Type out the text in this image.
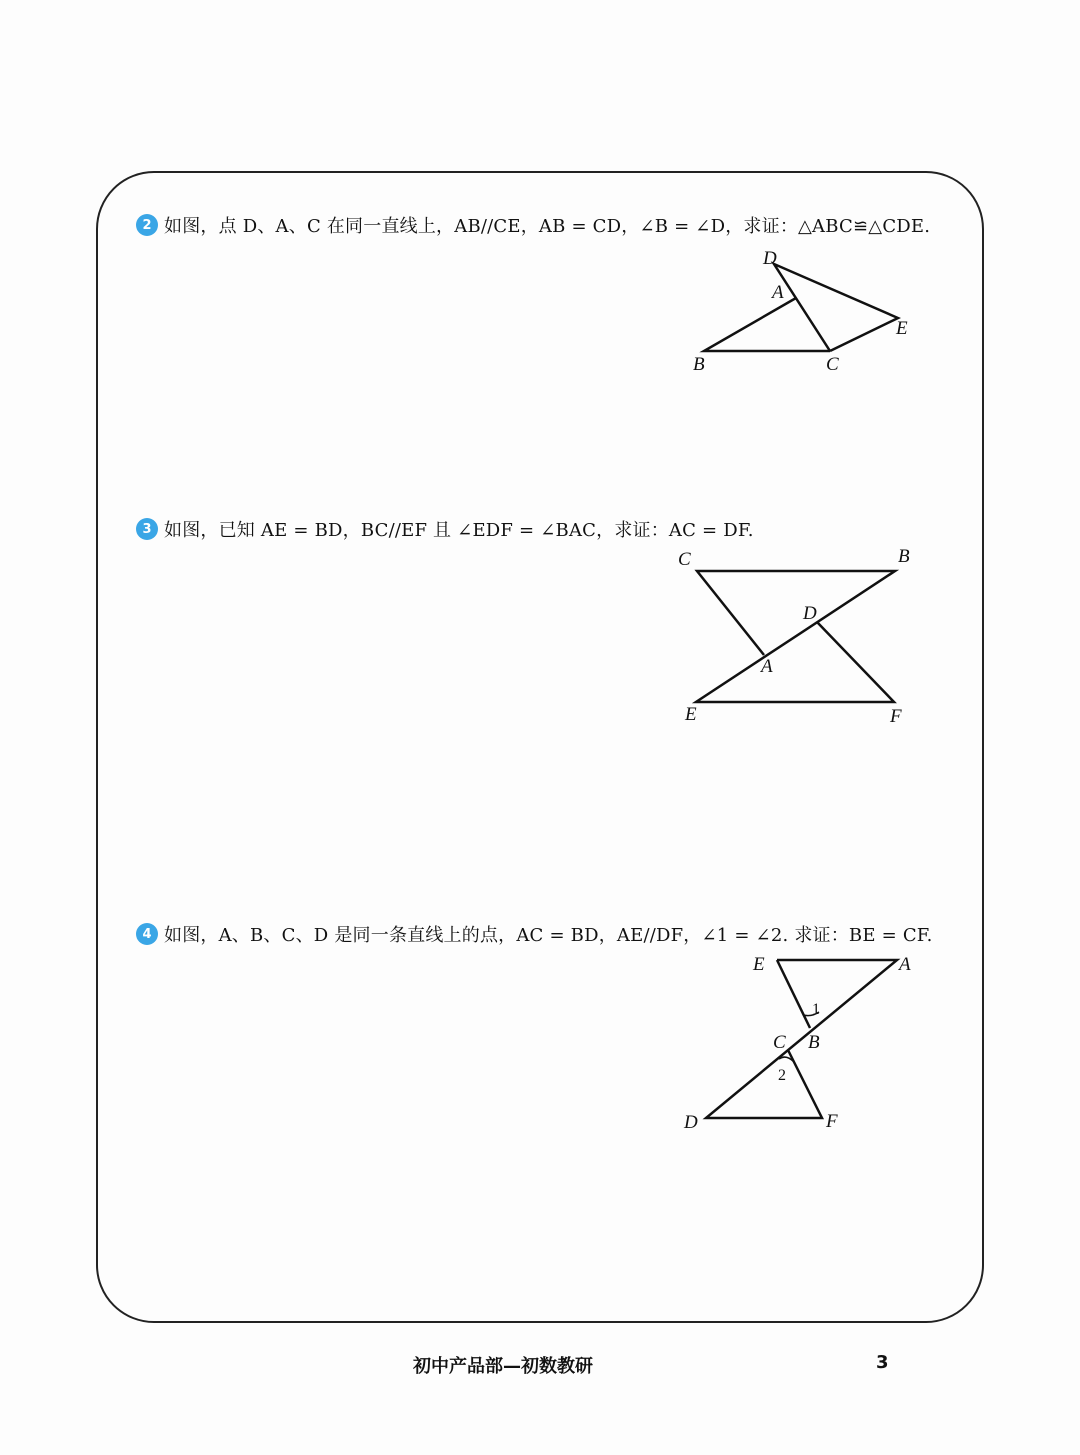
2 如图，点 D、A、C 在同一直线上，AB//CE，AB = CD，∠B = ∠D，求证：△ABC≌△CDE.
D
A
E
B	C
3 如图，已知 AE = BD，BC//EF 且 ∠EDF = ∠BAC，求证：AC = DF.
C	B
D
A
E	F
4 如图，A、B、C、D 是同一条直线上的点，AC = BD，AE//DF，∠1 = ∠2. 求证：BE = CF.
E	A
1
C B
2
D	F
初中产品部—初数教研	3
